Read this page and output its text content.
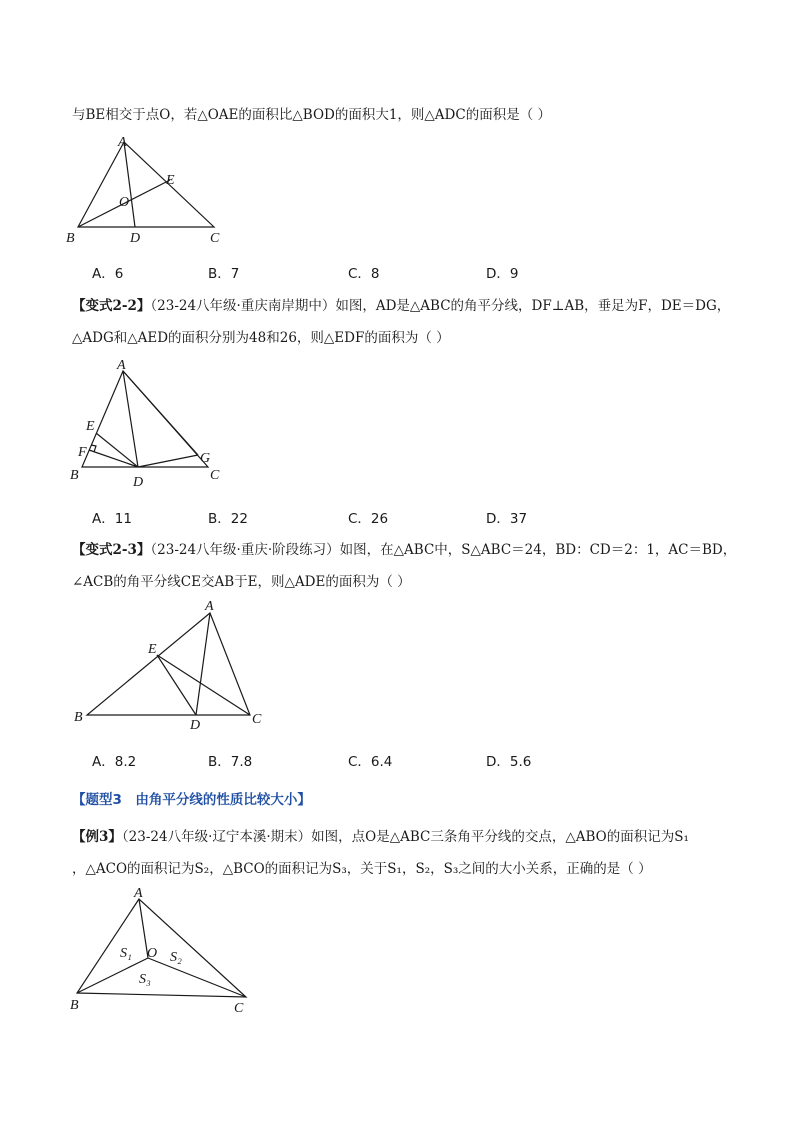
与BE相交于点O，若△OAE的面积比△BOD的面积大1，则△ADC的面积是（ ）
A
B	C
D
E
O
A．6	B．7	C．8	D．9
【变式2-2】（23-24八年级·重庆南岸期中）如图，AD是△ABC的角平分线，DF⊥AB，垂足为F，DE＝DG，
△ADG和△AED的面积分别为48和26，则△EDF的面积为（ ）
A
B	C
D
E
F	G
A．11	B．22	C．26	D．37
【变式2-3】（23-24八年级·重庆·阶段练习）如图，在△ABC中，S△ABC＝24，BD：CD＝2：1，AC＝BD，
∠ACB的角平分线CE交AB于E，则△ADE的面积为（ ）
A
B	C
D
E
A．8.2	B．7.8	C．6.4	D．5.6
【题型3　由角平分线的性质比较大小】
【例3】（23-24八年级·辽宁本溪·期末）如图，点O是△ABC三条角平分线的交点，△ABO的面积记为S₁
，△ACO的面积记为S₂，△BCO的面积记为S₃，关于S₁，S₂，S₃之间的大小关系，正确的是（ ）
A
B	C
O
S₁	S₂
S₃
